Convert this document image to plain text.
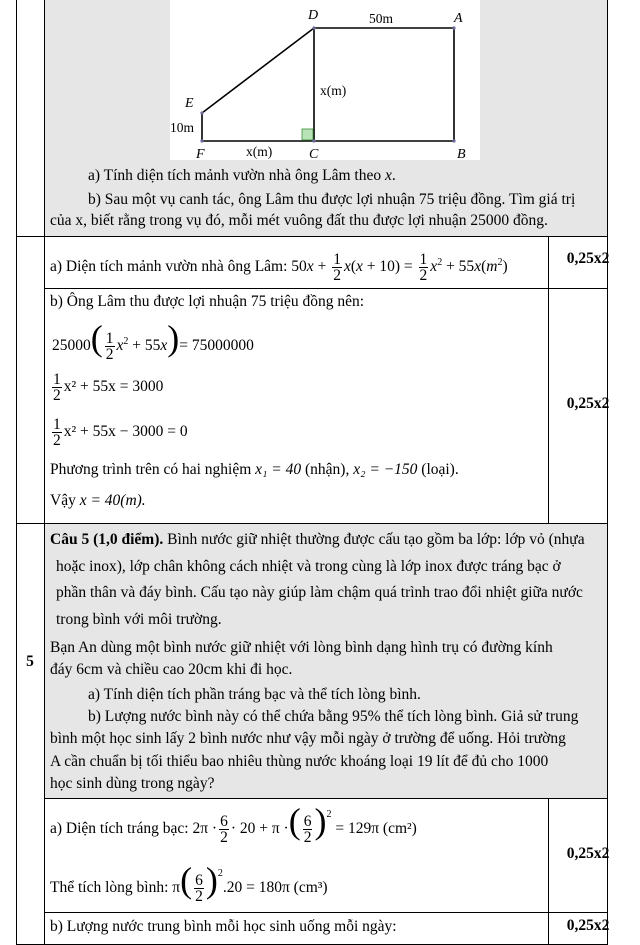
D	A
E
F	C	B
50m
x(m)
x(m)
10m
a) Tính diện tích mảnh vườn nhà ông Lâm theo x.
b) Sau một vụ canh tác, ông Lâm thu được lợi nhuận 75 triệu đồng. Tìm giá trị
của x, biết rằng trong vụ đó, mỗi mét vuông đất thu được lợi nhuận 25000 đồng.
a) Diện tích mảnh vườn nhà ông Lâm: $50x + \frac{1}{2} x(x + 10) = \frac{1}{2} x^2 + 55x(m^2)$	0,25x2
b) Ông Lâm thu được lợi nhuận 75 triệu đồng nên:
$25000( \frac{1}{2} x^2 + 55x)= 75000000$
$\frac{1}{2} x^2 + 55x = 3000$
$\frac{1}{2} x^2 + 55x - 3000 = 0$
Phương trình trên có hai nghiệm x₁ = 40 (nhận), x₂ = −150 (loại).
Vậy x = 40(m).
0,25x2
5
Câu 5 (1,0 điểm). Bình nước giữ nhiệt thường được cấu tạo gồm ba lớp: lớp vỏ (nhựa
hoặc inox), lớp chân không cách nhiệt và trong cùng là lớp inox được tráng bạc ở
phần thân và đáy bình. Cấu tạo này giúp làm chậm quá trình trao đổi nhiệt giữa nước
trong bình với môi trường.
Bạn An dùng một bình nước giữ nhiệt với lòng bình dạng hình trụ có đường kính
đáy 6cm và chiều cao 20cm khi đi học.
a) Tính diện tích phần tráng bạc và thể tích lòng bình.
b) Lượng nước bình này có thể chứa bằng 95% thể tích lòng bình. Giả sử trung
bình một học sinh lấy 2 bình nước như vậy mỗi ngày ở trường để uống. Hỏi trường
A cần chuẩn bị tối thiểu bao nhiêu thùng nước khoáng loại 19 lít để đủ cho 1000
học sinh dùng trong ngày?
a) Diện tích tráng bạc: $2\pi \cdot \frac{6}{2} \cdot 20 + \pi$ ·( $\frac{6}{2} )^2 = 129\pi$ (cm²)
Thể tích lòng bình: $\pi( \frac{6}{2} )^2.20 = 180\pi$ (cm³)
0,25x2
b) Lượng nước trung bình mỗi học sinh uống mỗi ngày:	0,25x2
